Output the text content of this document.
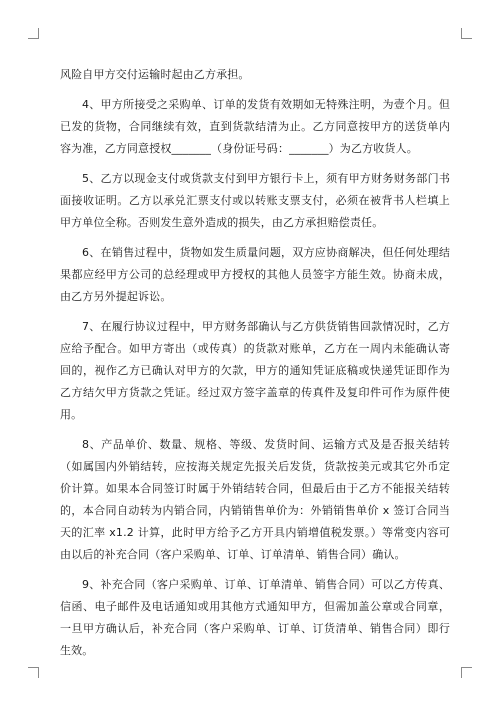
风险自甲方交付运输时起由乙方承担。

4、甲方所接受之采购单、订单的发货有效期如无特殊注明，为壹个月。但已发的货物，合同继续有效，直到货款结清为止。乙方同意按甲方的送货单内容为准，乙方同意授权_______（身份证号码：_______）为乙方收货人。

5、乙方以现金支付或货款支付到甲方银行卡上，须有甲方财务财务部门书面接收证明。乙方以承兑汇票支付或以转账支票支付，必须在被背书人栏填上甲方单位全称。否则发生意外造成的损失，由乙方承担赔偿责任。

6、在销售过程中，货物如发生质量问题，双方应协商解决，但任何处理结果都应经甲方公司的总经理或甲方授权的其他人员签字方能生效。协商未成，由乙方另外提起诉讼。

7、在履行协议过程中，甲方财务部确认与乙方供货销售回款情况时，乙方应给予配合。如甲方寄出（或传真）的货款对账单，乙方在一周内未能确认寄回的，视作乙方已确认对甲方的欠款，甲方的通知凭证底稿或快递凭证即作为乙方结欠甲方货款之凭证。经过双方签字盖章的传真件及复印件可作为原件使用。

8、产品单价、数量、规格、等级、发货时间、运输方式及是否报关结转（如属国内外销结转，应按海关规定先报关后发货，货款按美元或其它外币定价计算。如果本合同签订时属于外销结转合同，但最后由于乙方不能报关结转的，本合同自动转为内销合同，内销销售单价为：外销销售单价 x 签订合同当天的汇率 x1.2 计算，此时甲方给予乙方开具内销增值税发票。）等常变内容可由以后的补充合同（客户采购单、订单、订单清单、销售合同）确认。

9、补充合同（客户采购单、订单、订单清单、销售合同）可以乙方传真、信函、电子邮件及电话通知或用其他方式通知甲方，但需加盖公章或合同章，一旦甲方确认后，补充合同（客户采购单、订单、订货清单、销售合同）即行生效。
